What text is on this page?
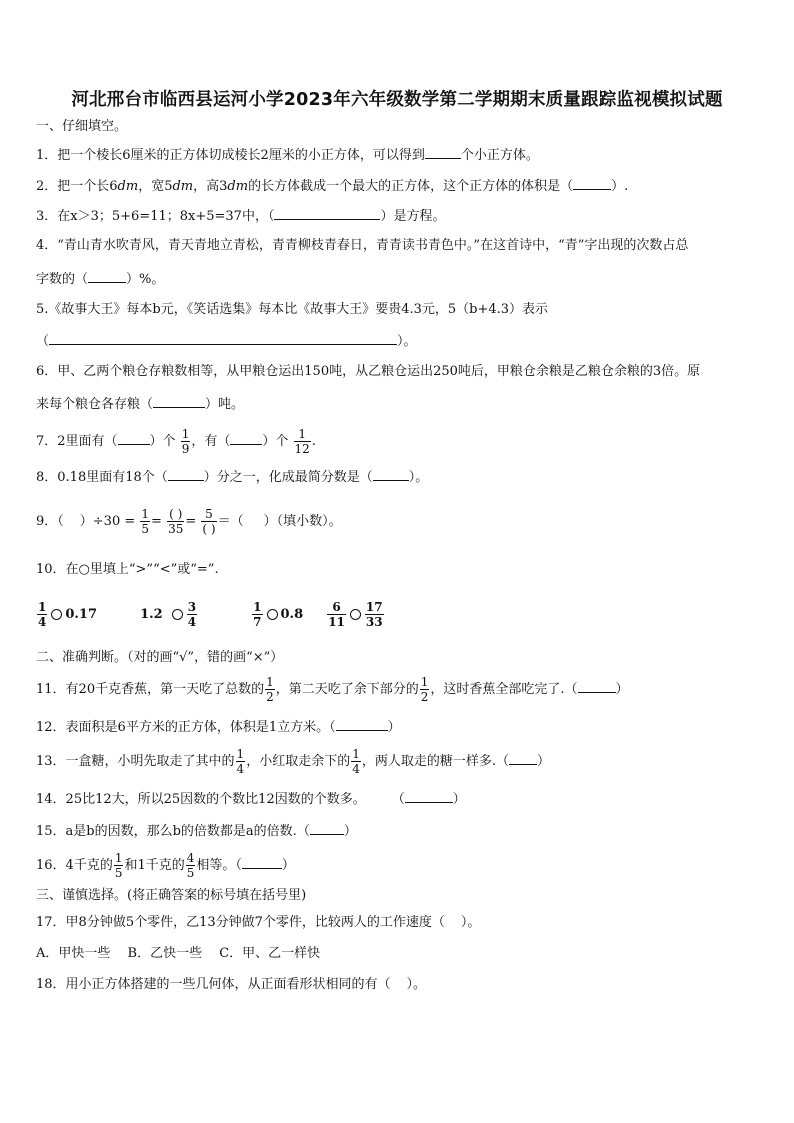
河北邢台市临西县运河小学2023年六年级数学第二学期期末质量跟踪监视模拟试题
一、仔细填空。
1．把一个棱长6厘米的正方体切成棱长2厘米的小正方体，可以得到	个小正方体。
2．把一个长6dm，宽5dm，高3dm的长方体截成一个最大的正方体，这个正方体的体积是（	）.
3．在x＞3；5+6=11；8x+5=37中，（	）是方程。
4．“青山青水吹青风，青天青地立青松，青青柳枝青春日，青青读书青色中。”在这首诗中，“青”字出现的次数占总
字数的（	）%。
5.《故事大王》每本b元，《笑话选集》每本比《故事大王》要贵4.3元，5（b+4.3）表示
（	）。
6．甲、乙两个粮仓存粮数相等，从甲粮仓运出150吨，从乙粮仓运出250吨后，甲粮仓余粮是乙粮仓余粮的3倍。原
来每个粮仓各存粮（	）吨。
7．2里面有（ ）个 $\frac{1}{9}$ ，有（ ）个 $\frac{1}{12}$ .
8．0.18里面有18个（	）分之一，化成最简分数是（	）。
9．（ ）$\div 30 = \frac{1}{5} = \frac{( )}{35} = \frac{5}{( )}$ ＝（ ）（填小数）。
10．在○里填上“>”“<”或“=”.
$\frac{1}{4} 0.17$	$1.2 \frac{3}{4}$
	$\frac{1}{7} 0.8 \frac{6}{11} \frac{17}{33}$
二、准确判断。（对的画“√”，错的画“×”）
11．有20千克香蕉，第一天吃了总数的 $\frac{1}{2}$ ，第二天吃了余下部分的 $\frac{1}{2}$ ，这时香蕉全部吃完了.（	）
12．表面积是6平方米的正方体，体积是1立方米。（	）
13．一盒糖，小明先取走了其中的 $\frac{1}{4}$ ，小红取走余下的 $\frac{1}{4}$ ，两人取走的糖一样多.（ ）
14．25比12大，所以25因数的个数比12因数的个数多。 （	）
15．a是b的因数，那么b的倍数都是a的倍数.（	）
16．4千克的 $\frac{1}{5}$ 和1千克的 $\frac{4}{5}$ 相等。（	）
三、谨慎选择。(将正确答案的标号填在括号里)
17．甲8分钟做5个零件，乙13分钟做7个零件，比较两人的工作速度（ ）。
A．甲快一些　 B．乙快一些　 C．甲、乙一样快
18．用小正方体搭建的一些几何体，从正面看形状相同的有（ ）。
